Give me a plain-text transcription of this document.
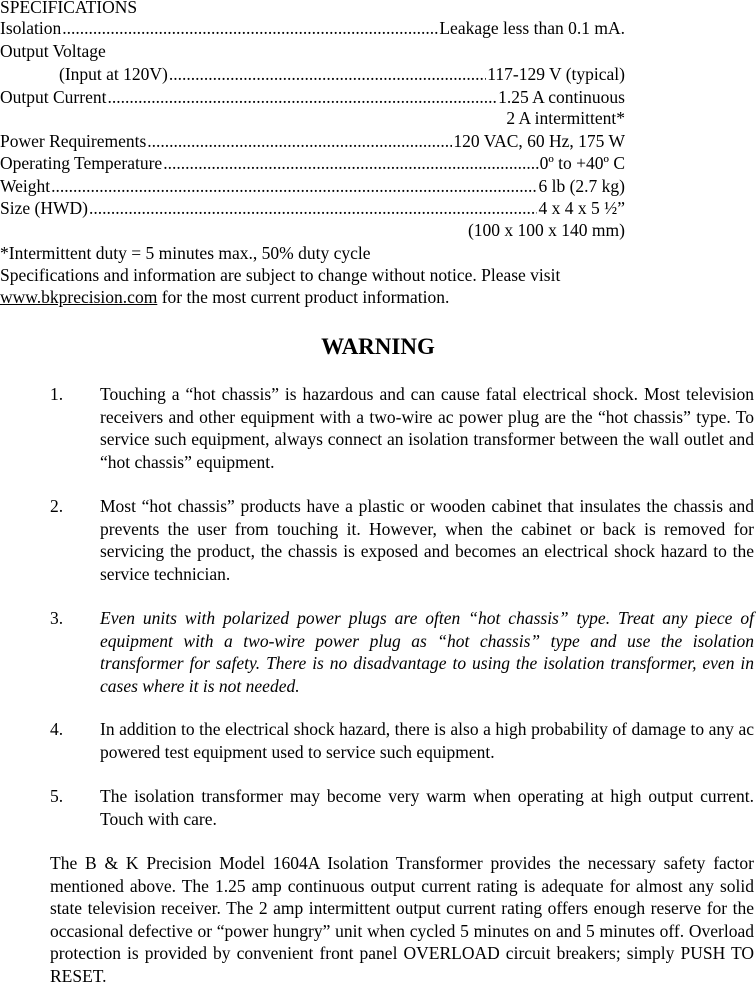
SPECIFICATIONS
Isolation .....	Leakage less than 0.1 mA.
Output Voltage
(Input at 120V) .....	117-129 V (typical)
Output Current .....	1.25 A continuous
2 A intermittent*
Power Requirements .....	120 VAC, 60 Hz, 175 W
Operating Temperature .....	0º to +40º C
Weight .....	6 lb (2.7 kg)
Size (HWD) .....	4 x 4 x 5 ½”
(100 x 100 x 140 mm)
*Intermittent duty = 5 minutes max., 50% duty cycle
Specifications and information are subject to change without notice. Please visit
www.bkprecision.com for the most current product information.
WARNING
1. Touching a “hot chassis” is hazardous and can cause fatal electrical shock. Most television receivers and other equipment with a two-wire ac power plug are the “hot chassis” type. To service such equipment, always connect an isolation transformer between the wall outlet and “hot chassis” equipment.
2. Most “hot chassis” products have a plastic or wooden cabinet that insulates the chassis and prevents the user from touching it. However, when the cabinet or back is removed for servicing the product, the chassis is exposed and becomes an electrical shock hazard to the service technician.
3. Even units with polarized power plugs are often “hot chassis” type. Treat any piece of equipment with a two-wire power plug as “hot chassis” type and use the isolation transformer for safety. There is no disadvantage to using the isolation transformer, even in cases where it is not needed.
4. In addition to the electrical shock hazard, there is also a high probability of damage to any ac powered test equipment used to service such equipment.
5. The isolation transformer may become very warm when operating at high output current. Touch with care.
The B & K Precision Model 1604A Isolation Transformer provides the necessary safety factor mentioned above. The 1.25 amp continuous output current rating is adequate for almost any solid state television receiver. The 2 amp intermittent output current rating offers enough reserve for the occasional defective or “power hungry” unit when cycled 5 minutes on and 5 minutes off. Overload protection is provided by convenient front panel OVERLOAD circuit breakers; simply PUSH TO RESET.
